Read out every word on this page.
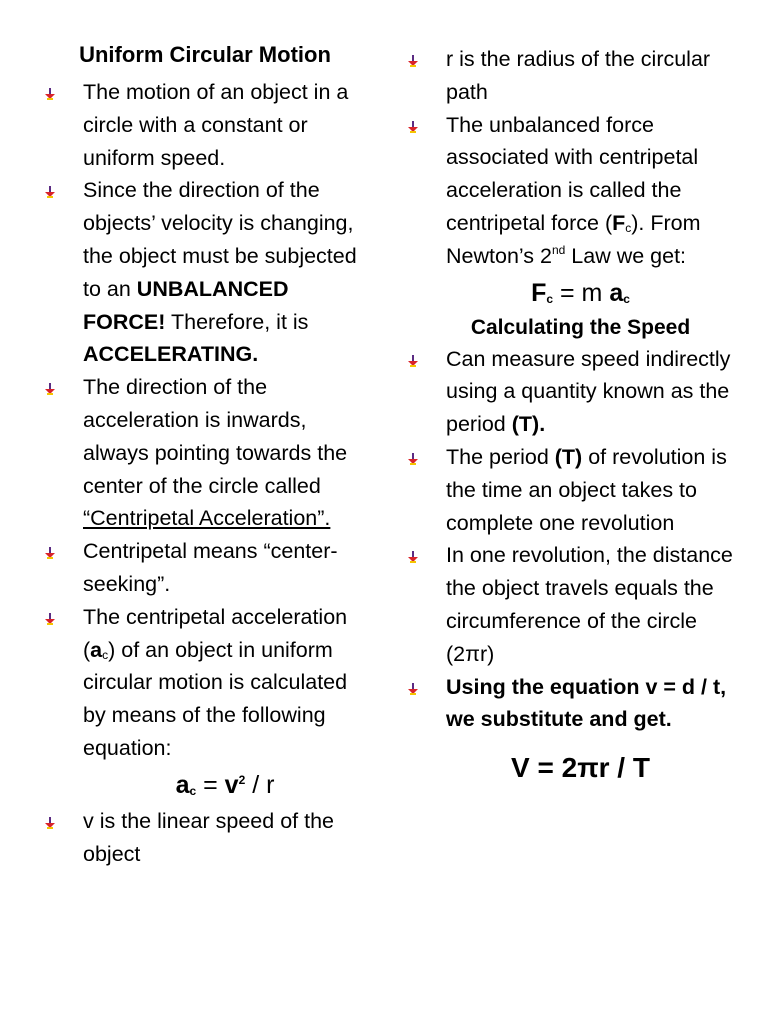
Uniform Circular Motion
The motion of an object in a circle with a constant or uniform speed.
Since the direction of the objects’ velocity is changing, the object must be subjected to an UNBALANCED FORCE! Therefore, it is ACCELERATING.
The direction of the acceleration is inwards, always pointing towards the center of the circle called “Centripetal Acceleration”.
Centripetal means “center-seeking”.
The centripetal acceleration $(a_c)$ of an object in uniform circular motion is calculated by means of the following equation:
$a_c = v^2 / r$
v is the linear speed of the object
r is the radius of the circular path
The unbalanced force associated with centripetal acceleration is called the centripetal force $(F_c)$. From Newton’s 2nd Law we get:
$F_c = m$ $a_c$
Calculating the Speed
Can measure speed indirectly using a quantity known as the period (T).
The period (T) of revolution is the time an object takes to complete one revolution
In one revolution, the distance the object travels equals the circumference of the circle (2πr)
Using the equation v = d / t, we substitute and get.
V = 2πr / T
